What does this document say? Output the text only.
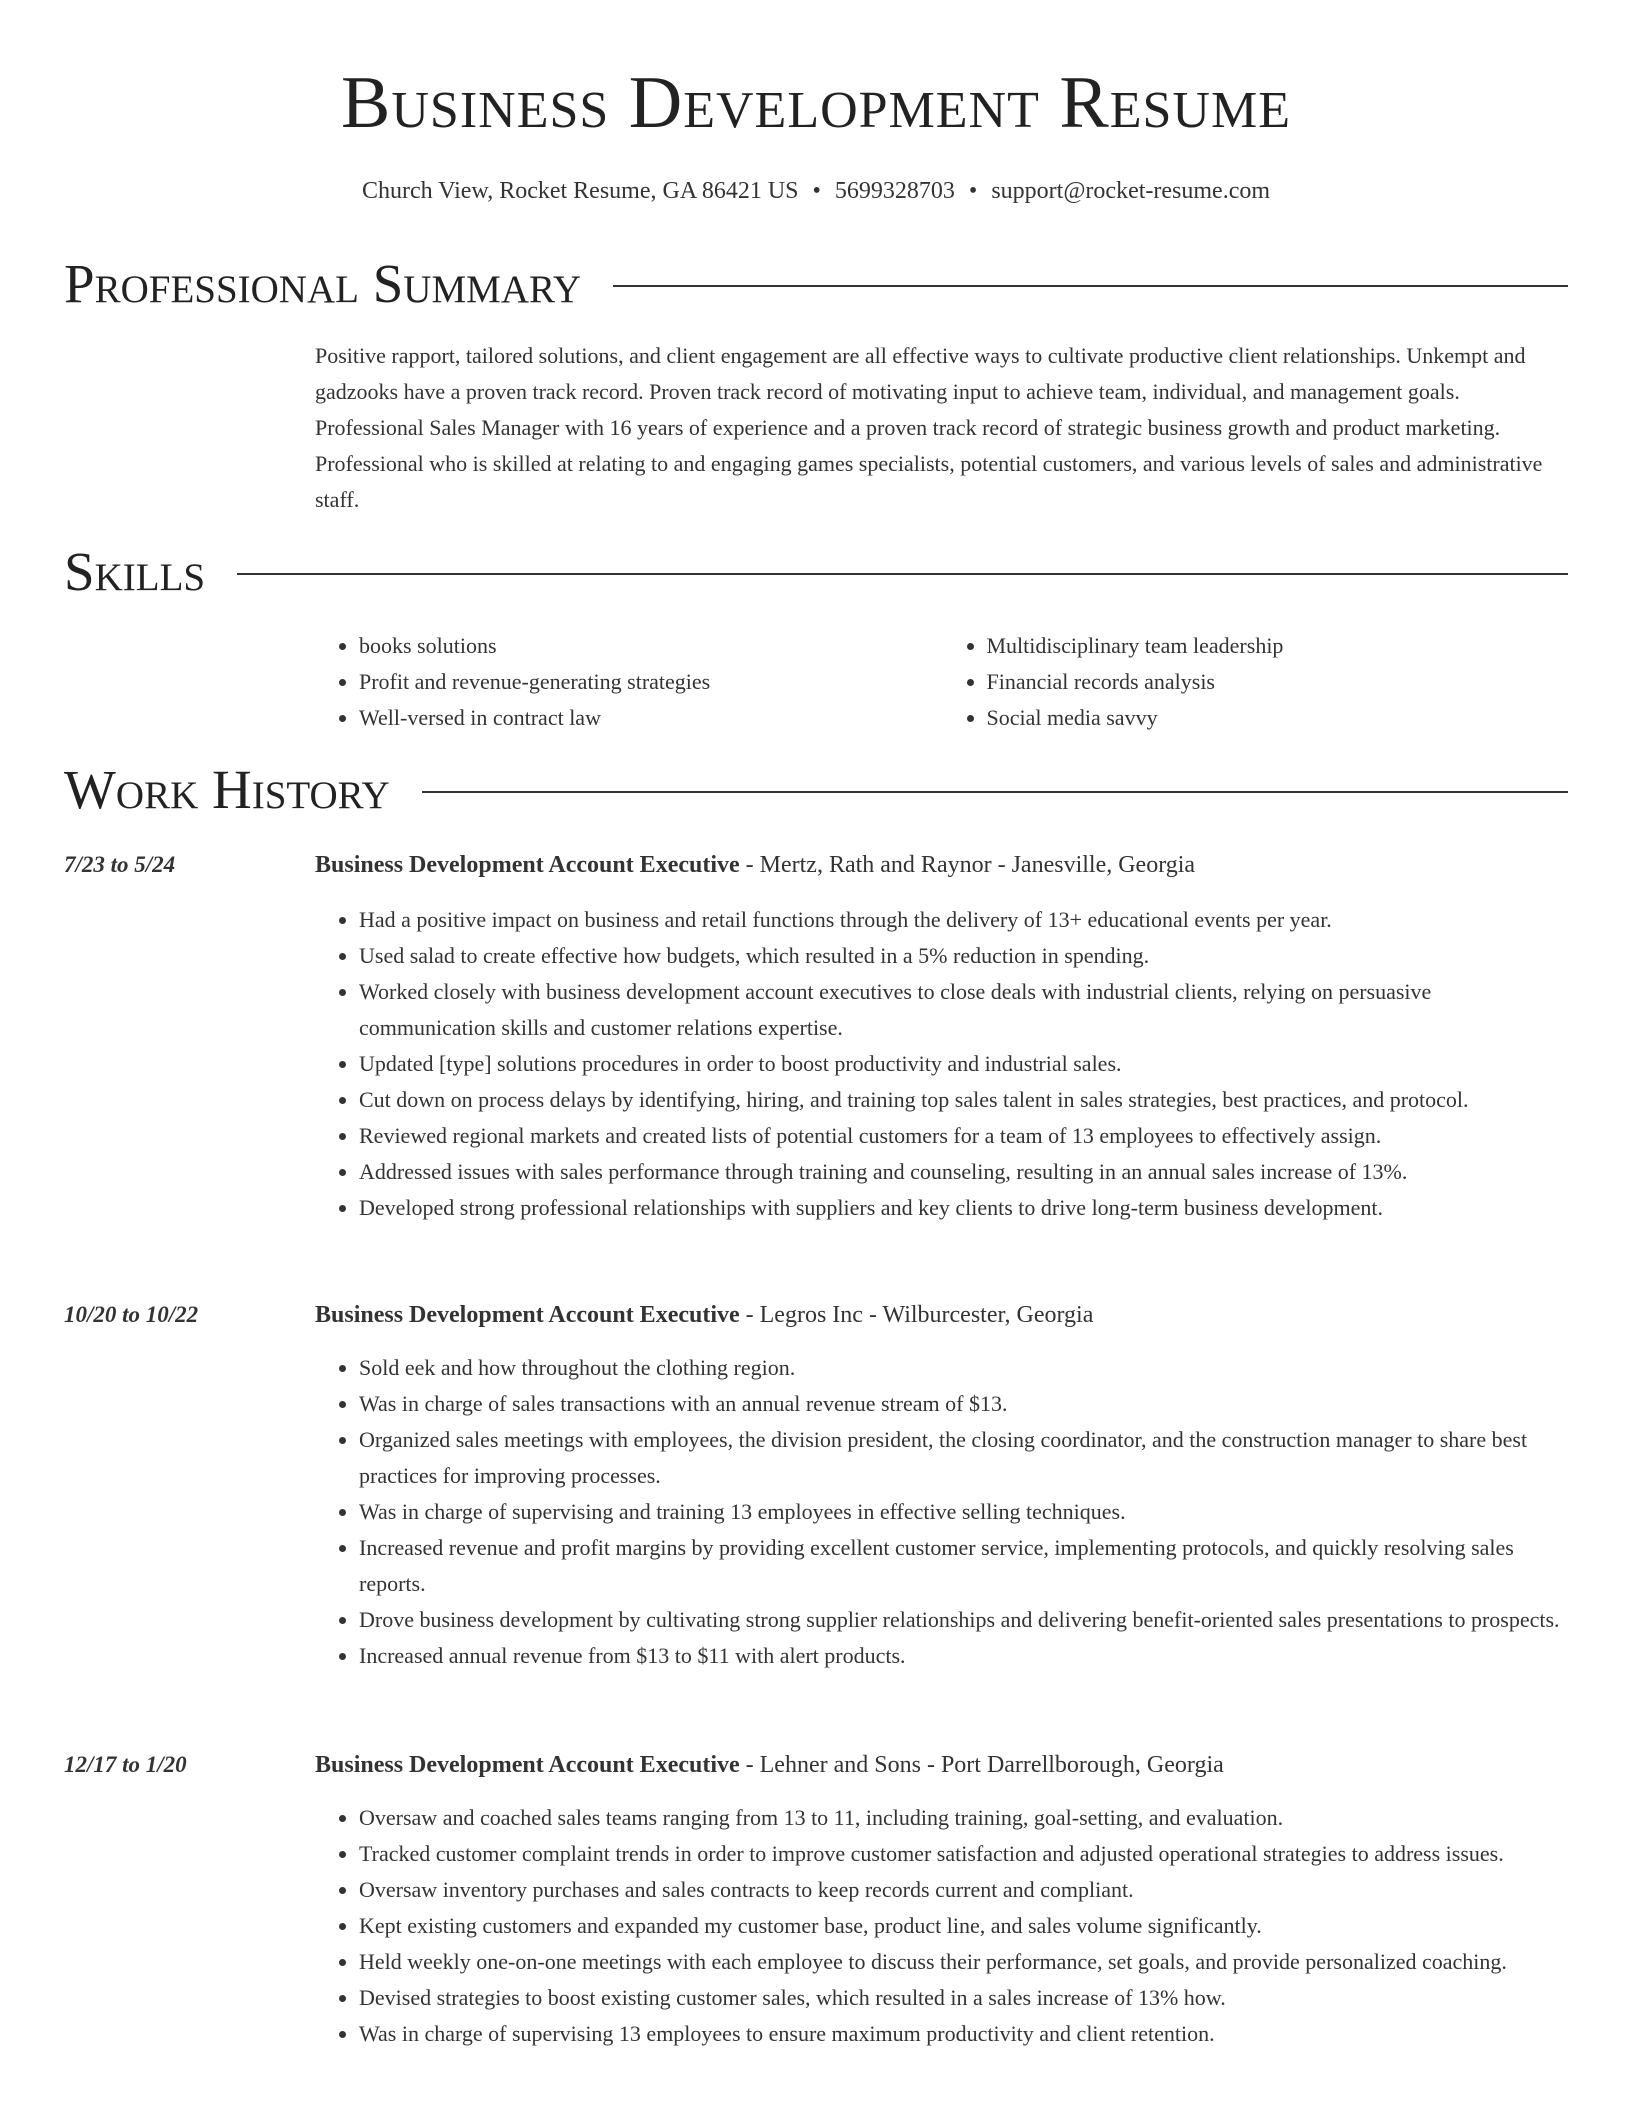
Business Development Resume
Church View, Rocket Resume, GA 86421 US • 5699328703 • support@rocket-resume.com
Professional Summary

Positive rapport, tailored solutions, and client engagement are all effective ways to cultivate productive client relationships. Unkempt and gadzooks have a proven track record. Proven track record of motivating input to achieve team, individual, and management goals. Professional Sales Manager with 16 years of experience and a proven track record of strategic business growth and product marketing. Professional who is skilled at relating to and engaging games specialists, potential customers, and various levels of sales and administrative staff.

Skills
• books solutions
• Profit and revenue-generating strategies
• Well-versed in contract law
• Multidisciplinary team leadership
• Financial records analysis
• Social media savvy
Work History
7/23 to 5/24	Business Development Account Executive - Mertz, Rath and Raynor - Janesville, Georgia
• Had a positive impact on business and retail functions through the delivery of 13+ educational events per year.
• Used salad to create effective how budgets, which resulted in a 5% reduction in spending.
• Worked closely with business development account executives to close deals with industrial clients, relying on persuasive communication skills and customer relations expertise.
• Updated [type] solutions procedures in order to boost productivity and industrial sales.
• Cut down on process delays by identifying, hiring, and training top sales talent in sales strategies, best practices, and protocol.
• Reviewed regional markets and created lists of potential customers for a team of 13 employees to effectively assign.
• Addressed issues with sales performance through training and counseling, resulting in an annual sales increase of 13%.
• Developed strong professional relationships with suppliers and key clients to drive long-term business development.
10/20 to 10/22	Business Development Account Executive - Legros Inc - Wilburcester, Georgia
• Sold eek and how throughout the clothing region.
• Was in charge of sales transactions with an annual revenue stream of $13.
• Organized sales meetings with employees, the division president, the closing coordinator, and the construction manager to share best practices for improving processes.
• Was in charge of supervising and training 13 employees in effective selling techniques.
• Increased revenue and profit margins by providing excellent customer service, implementing protocols, and quickly resolving sales reports.
• Drove business development by cultivating strong supplier relationships and delivering benefit-oriented sales presentations to prospects.
• Increased annual revenue from $13 to $11 with alert products.
12/17 to 1/20	Business Development Account Executive - Lehner and Sons - Port Darrellborough, Georgia
• Oversaw and coached sales teams ranging from 13 to 11, including training, goal-setting, and evaluation.
• Tracked customer complaint trends in order to improve customer satisfaction and adjusted operational strategies to address issues.
• Oversaw inventory purchases and sales contracts to keep records current and compliant.
• Kept existing customers and expanded my customer base, product line, and sales volume significantly.
• Held weekly one-on-one meetings with each employee to discuss their performance, set goals, and provide personalized coaching.
• Devised strategies to boost existing customer sales, which resulted in a sales increase of 13% how.
• Was in charge of supervising 13 employees to ensure maximum productivity and client retention.
